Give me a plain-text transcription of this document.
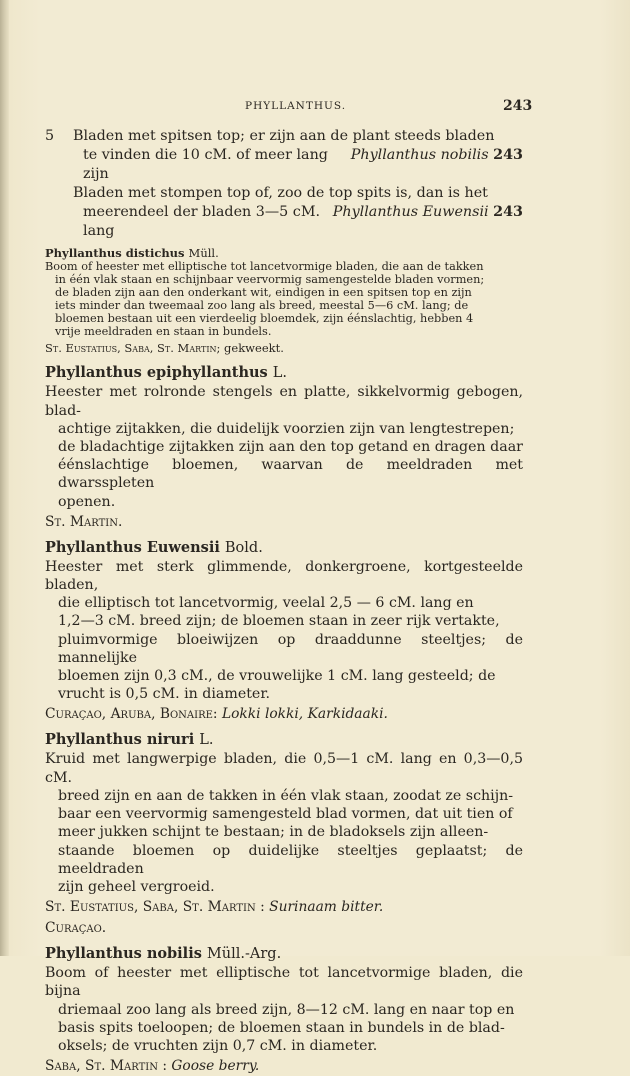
PHYLLANTHUS.	243
5 Bladen met spitsen top; er zijn aan de plant steeds bladen
te vinden die 10 cM. of meer lang zijn
Phyllanthus nobilis 243
Bladen met stompen top of, zoo de top spits is, dan is het
meerendeel der bladen 3—5 cM. lang
Phyllanthus Euwensii 243
Phyllanthus distichus Müll.
Boom of heester met elliptische tot lancetvormige bladen, die aan de takken
in één vlak staan en schijnbaar veervormig samengestelde bladen vormen;
de bladen zijn aan den onderkant wit, eindigen in een spitsen top en zijn
iets minder dan tweemaal zoo lang als breed, meestal 5—6 cM. lang; de
bloemen bestaan uit een vierdeelig bloemdek, zijn éénslachtig, hebben 4
vrije meeldraden en staan in bundels.
St. Eustatius, Saba, St. Martin; gekweekt.
Phyllanthus epiphyllanthus L.
Heester met rolronde stengels en platte, sikkelvormig gebogen, blad-
achtige zijtakken, die duidelijk voorzien zijn van lengtestrepen;
de bladachtige zijtakken zijn aan den top getand en dragen daar
éénslachtige bloemen, waarvan de meeldraden met dwarsspleten
openen.
St. Martin.
Phyllanthus Euwensii Bold.
Heester met sterk glimmende, donkergroene, kortgesteelde bladen,
die elliptisch tot lancetvormig, veelal 2,5 — 6 cM. lang en
1,2—3 cM. breed zijn; de bloemen staan in zeer rijk vertakte,
pluimvormige bloeiwijzen op draaddunne steeltjes; de mannelijke
bloemen zijn 0,3 cM., de vrouwelijke 1 cM. lang gesteeld; de
vrucht is 0,5 cM. in diameter.
Curaçao, Aruba, Bonaire: Lokki lokki, Karkidaaki.
Phyllanthus niruri L.
Kruid met langwerpige bladen, die 0,5—1 cM. lang en 0,3—0,5 cM.
breed zijn en aan de takken in één vlak staan, zoodat ze schijn-
baar een veervormig samengesteld blad vormen, dat uit tien of
meer jukken schijnt te bestaan; in de bladoksels zijn alleen-
staande bloemen op duidelijke steeltjes geplaatst; de meeldraden
zijn geheel vergroeid.
St. Eustatius, Saba, St. Martin : Surinaam bitter.
Curaçao.
Phyllanthus nobilis Müll.-Arg.
Boom of heester met elliptische tot lancetvormige bladen, die bijna
driemaal zoo lang als breed zijn, 8—12 cM. lang en naar top en
basis spits toeloopen; de bloemen staan in bundels in de blad-
oksels; de vruchten zijn 0,7 cM. in diameter.
Saba, St. Martin : Goose berry.
